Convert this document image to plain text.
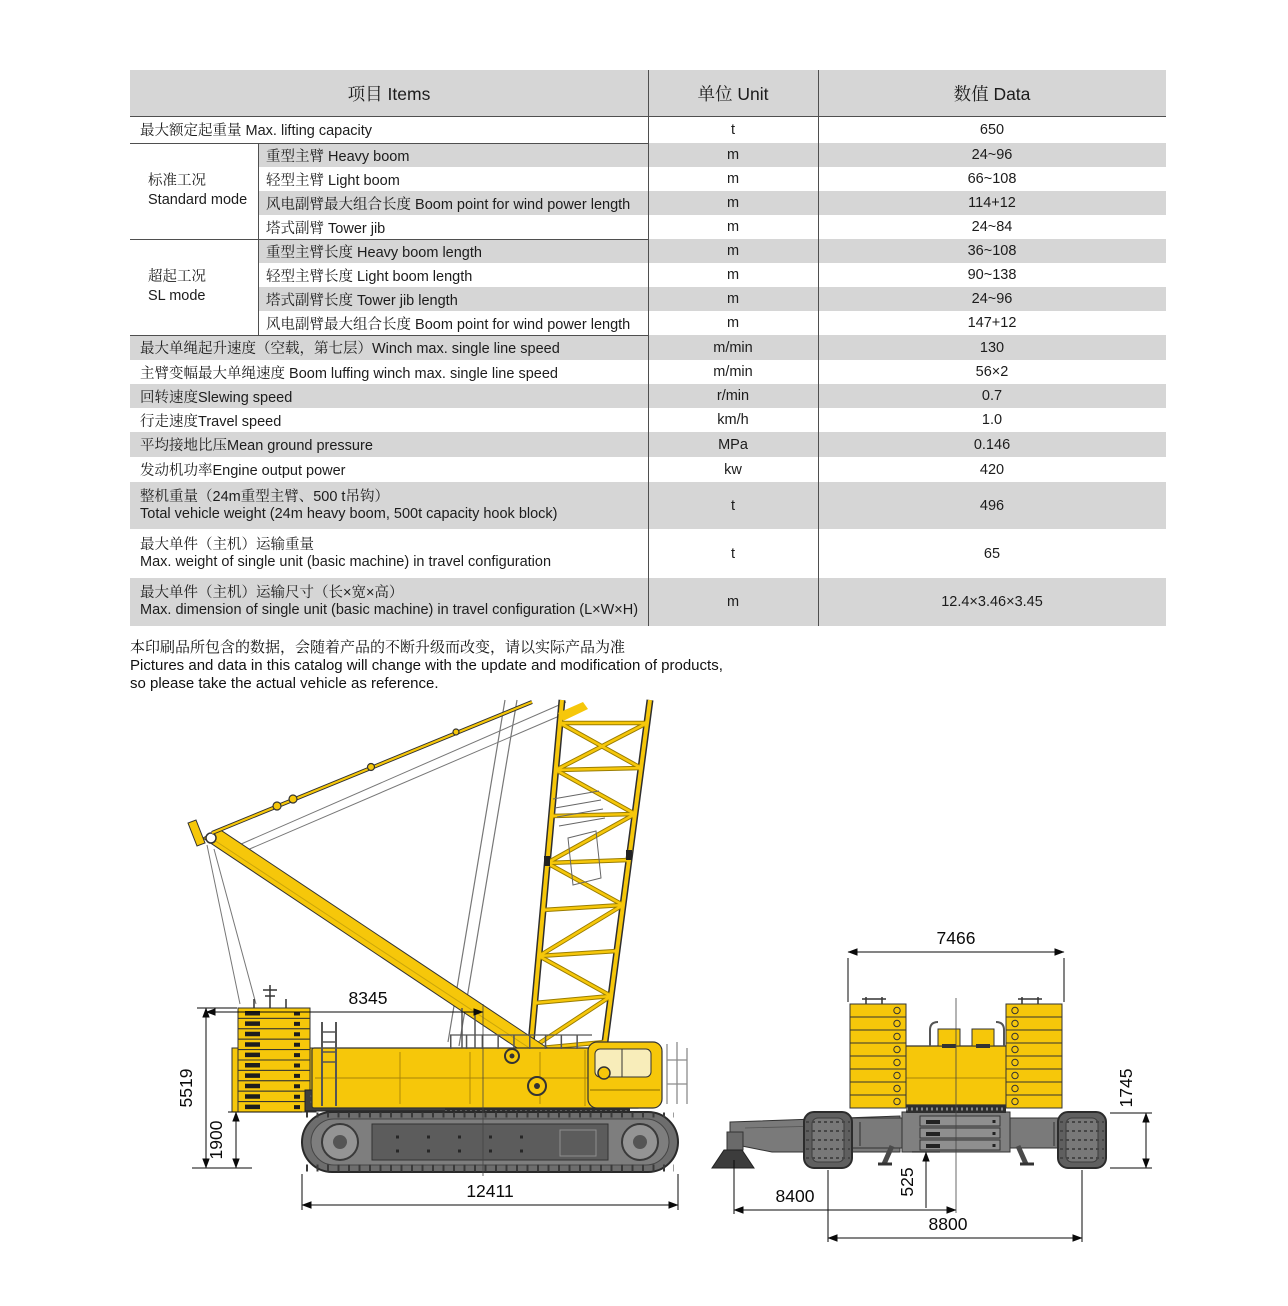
项目 Items	单位 Unit	数值 Data
最大额定起重量 Max. lifting capacity	t	650
标准工况
Standard mode
重型主臂 Heavy boom	m	24~96
轻型主臂 Light boom	m	66~108
风电副臂最大组合长度 Boom point for wind power length	m	114+12
塔式副臂 Tower jib	m	24~84
超起工况
SL mode
重型主臂长度 Heavy boom length	m	36~108
轻型主臂长度 Light boom length	m	90~138
塔式副臂长度 Tower jib length	m	24~96
风电副臂最大组合长度 Boom point for wind power length	m	147+12
最大单绳起升速度（空载，第七层）Winch max. single line speed	m/min	130
主臂变幅最大单绳速度 Boom luffing winch max. single line speed	m/min	56×2
回转速度Slewing speed	r/min	0.7
行走速度Travel speed	km/h	1.0
平均接地比压Mean ground pressure	MPa	0.146
发动机功率Engine output power	kw	420
整机重量（24m重型主臂、500 t吊钩）
Total vehicle weight (24m heavy boom, 500t capacity hook block)	t	496
最大单件（主机）运输重量
Max. weight of single unit (basic machine) in travel configuration	t	65
最大单件（主机）运输尺寸（长×宽×高）
Max. dimension of single unit (basic machine) in travel configuration (L×W×H)	m	12.4×3.46×3.45
本印刷品所包含的数据，会随着产品的不断升级而改变，请以实际产品为准
Pictures and data in this catalog will change with the update and modification of products,
so please take the actual vehicle as reference.
8345
5519
1900
12411
7466
1745
8400	525
8800
